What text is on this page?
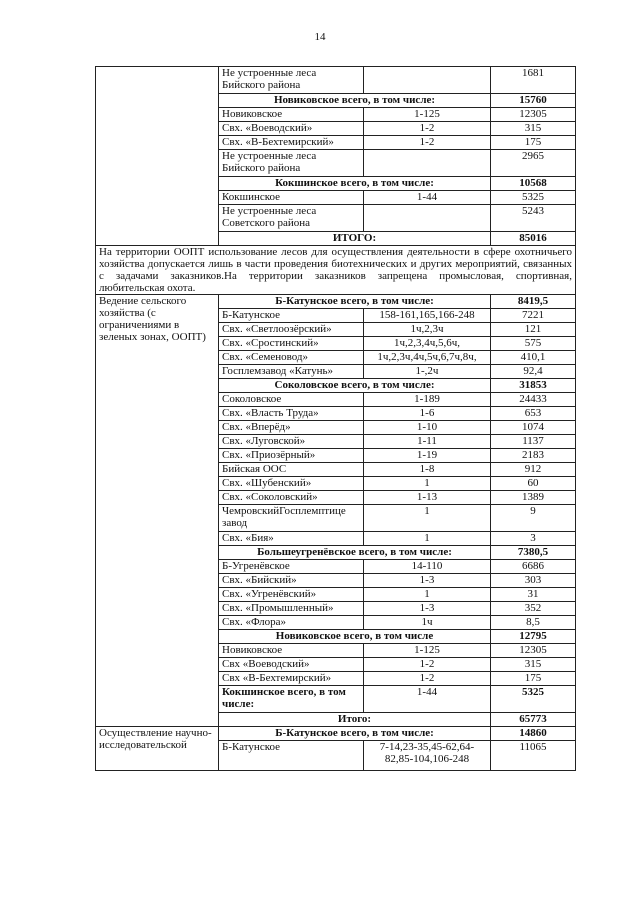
14
	Не устроенные леса Бийского района		1681
	Новиковское всего, в том числе:		15760
	Новиковское	1-125	12305
	Свх. «Воеводский»	1-2	315
	Свх. «В-Бехтемирский»	1-2	175
	Не устроенные леса Бийского района		2965
	Кокшинское всего, в том числе:		10568
	Кокшинское	1-44	5325
	Не устроенные леса Советского района		5243
	ИТОГО:		85016
На территории ООПТ использование лесов для осуществления деятельности в сфере охотничьего хозяйства допускается лишь в части проведения биотехнических и других мероприятий, связанных с задачами заказников.На территории заказников запрещена промысловая, спортивная, любительская охота.			
Ведение сельского хозяйства (с ограничениями в зеленых зонах, ООПТ)	Б-Катунское всего, в том числе:		8419,5
	Б-Катунское	158-161,165,166-248	7221
	Свх. «Светлоозёрский»	1ч,2,3ч	121
	Свх. «Сростинский»	1ч,2,3,4ч,5,6ч,	575
	Свх. «Семеновод»	1ч,2,3ч,4ч,5ч,6,7ч,8ч,	410,1
	Госплемзавод «Катунь»	1-,2ч	92,4
	Соколовское всего, в том числе:		31853
	Соколовское	1-189	24433
	Свх. «Власть Труда»	1-6	653
	Свх. «Вперёд»	1-10	1074
	Свх. «Луговской»	1-11	1137
	Свх. «Приозёрный»	1-19	2183
	Бийская ООС	1-8	912
	Свх. «Шубенский»	1	60
	Свх. «Соколовский»	1-13	1389
	ЧемровскийГосплемптице завод	1	9
	Свх. «Бия»	1	3
	Большеугренёвское всего, в том числе:		7380,5
	Б-Угренёвское	14-110	6686
	Свх. «Бийский»	1-3	303
	Свх. «Угренёвский»	1	31
	Свх. «Промышленный»	1-3	352
	Свх. «Флора»	1ч	8,5
	Новиковское всего, в том числе		12795
	Новиковское	1-125	12305
	Свх «Воеводский»	1-2	315
	Свх «В-Бехтемирский»	1-2	175
	Кокшинское всего, в том числе:	1-44	5325
	Итого:		65773
Осуществление научно-исследовательской	Б-Катунское всего, в том числе:		14860
	Б-Катунское	7-14,23-35,45-62,64-82,85-104,106-248	11065
